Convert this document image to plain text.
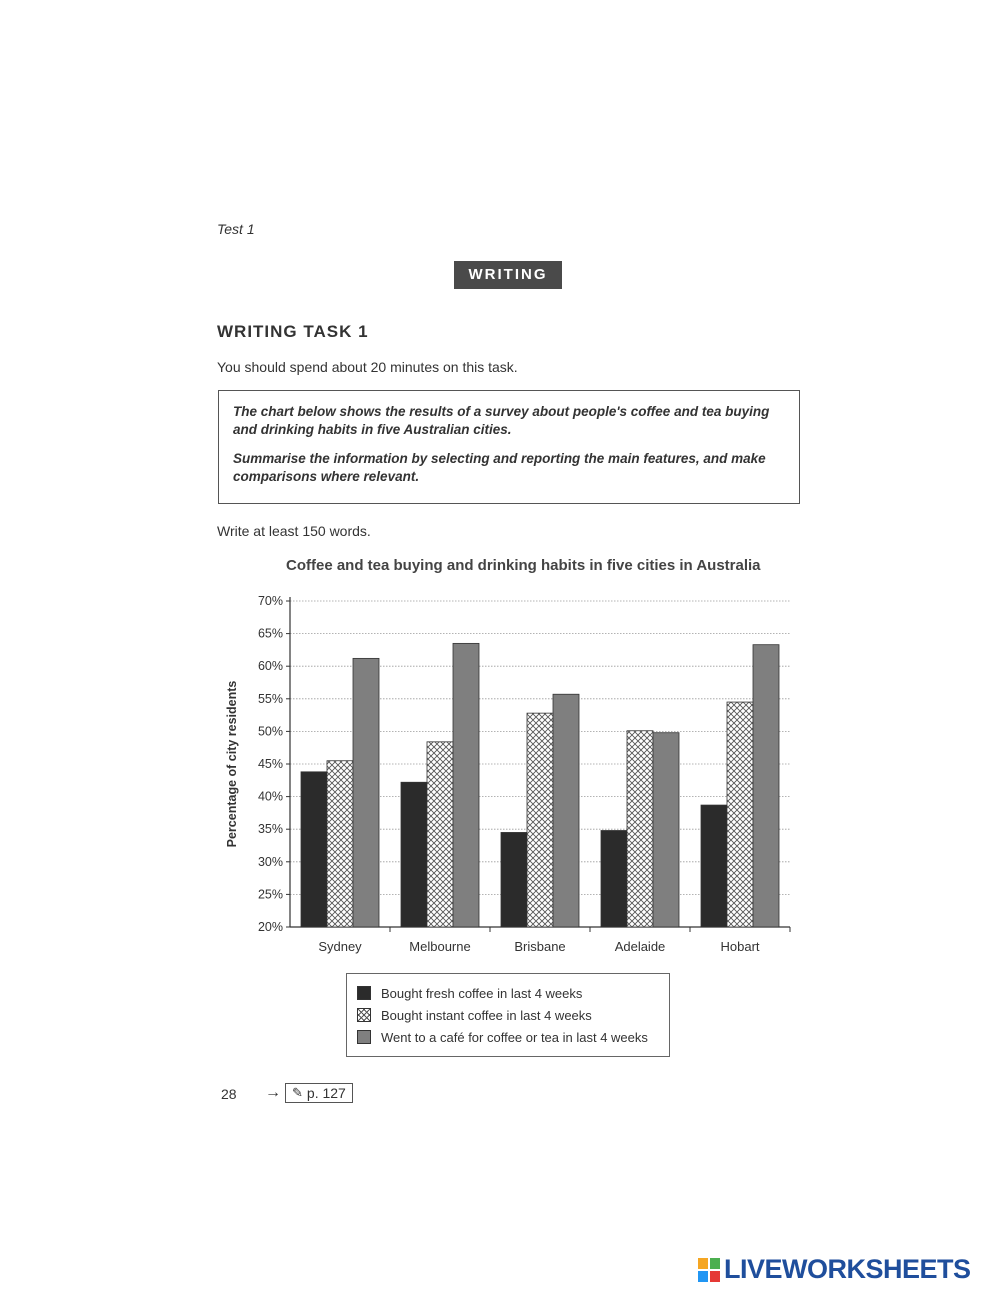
Test 1
WRITING
WRITING TASK 1
You should spend about 20 minutes on this task.

The chart below shows the results of a survey about people's coffee and tea buying and drinking habits in five Australian cities.

Summarise the information by selecting and reporting the main features, and make comparisons where relevant.

Write at least 150 words.
Coffee and tea buying and drinking habits in five cities in Australia
20%
25%
30%
35%
40%
45%
50%
55%
60%
65%
70%
Percentage of city residents
Sydney	Melbourne	Brisbane	Adelaide	Hobart
Bought fresh coffee in last 4 weeks
Bought instant coffee in last 4 weeks
Went to a café for coffee or tea in last 4 weeks
28 → ✎ p. 127
LIVEWORKSHEETS
